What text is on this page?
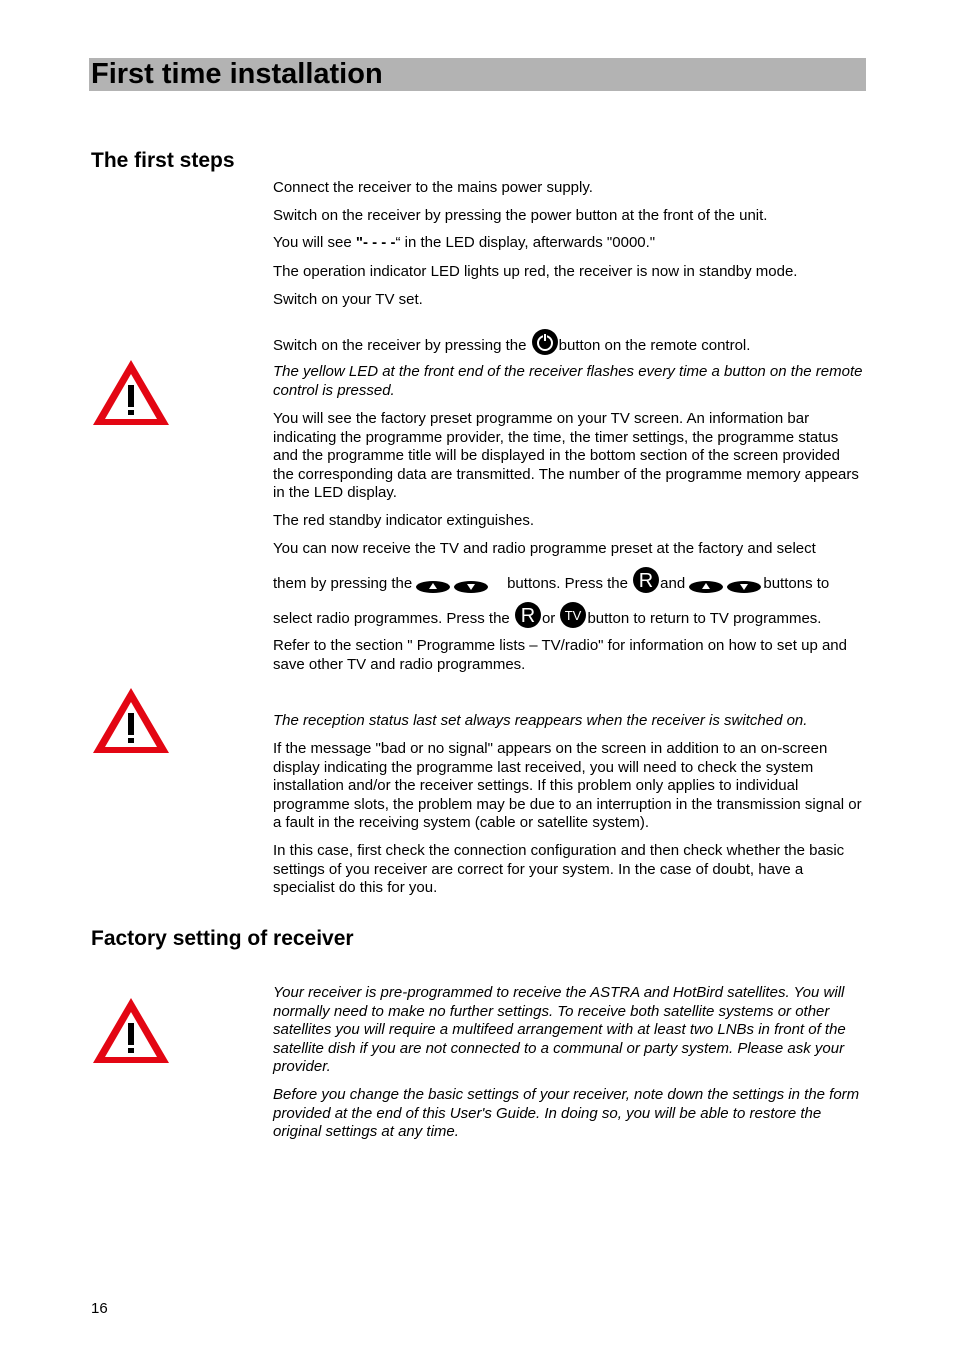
First time installation
The first steps

Connect the receiver to the mains power supply.

Switch on the receiver by pressing the power button at the front of the unit.

You will see "- - - -“ in the LED display, afterwards "0000."

The operation indicator LED lights up red, the receiver is now in standby mode.

Switch on your TV set.

Switch on the receiver by pressing the button on the remote control.

The yellow LED at the front end of the receiver flashes every time a button on the remote control is pressed.

You will see the factory preset programme on your TV screen. An information bar indicating the programme provider, the time, the timer settings, the programme status and the programme title will be displayed in the bottom section of the screen provided the corresponding data are transmitted. The number of the programme memory appears in the LED display.

The red standby indicator extinguishes.

You can now receive the TV and radio programme preset at the factory and select

them by pressing the	buttons. Press the R and	buttons to

select radio programmes. Press the R or TV button to return to TV programmes.

Refer to the section " Programme lists – TV/radio" for information on how to set up and save other TV and radio programmes.

The reception status last set always reappears when the receiver is switched on.

If the message "bad or no signal" appears on the screen in addition to an on-screen display indicating the programme last received, you will need to check the system installation and/or the receiver settings. If this problem only applies to individual programme slots, the problem may be due to an interruption in the transmission signal or a fault in the receiving system (cable or satellite system).

In this case, first check the connection configuration and then check whether the basic settings of you receiver are correct for your system. In the case of doubt, have a specialist do this for you.

Factory setting of receiver

Your receiver is pre-programmed to receive the ASTRA and HotBird satellites. You will normally need to make no further settings. To receive both satellite systems or other satellites you will require a multifeed arrangement with at least two LNBs in front of the satellite dish if you are not connected to a communal or party system. Please ask your provider.

Before you change the basic settings of your receiver, note down the settings in the form provided at the end of this User's Guide. In doing so, you will be able to restore the original settings at any time.

16
